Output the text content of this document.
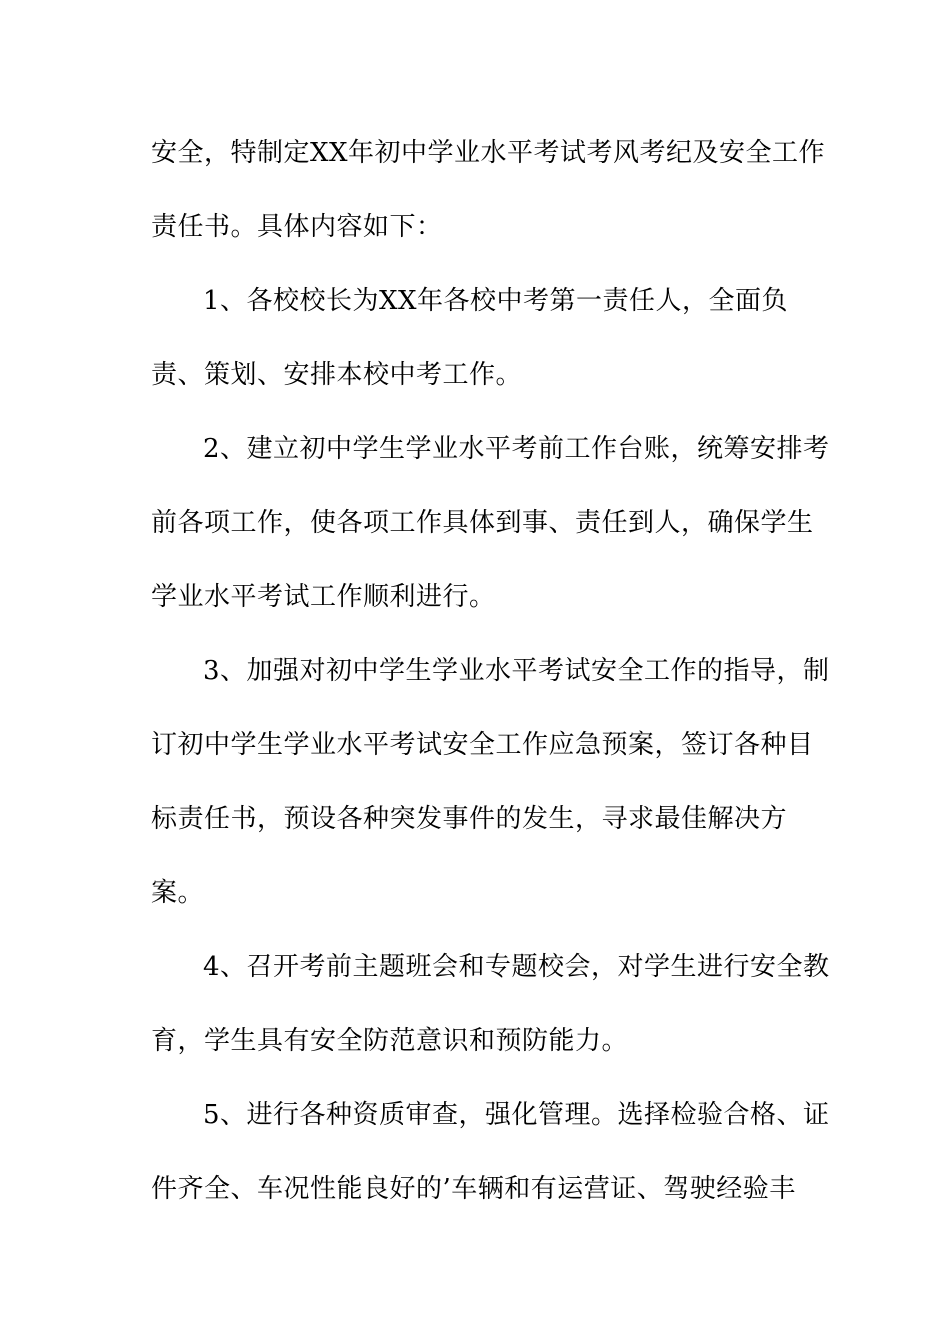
安全，特制定XX年初中学业水平考试考风考纪及安全工作
责任书。具体内容如下：
1、各校校长为XX年各校中考第一责任人，全面负
责、策划、安排本校中考工作。
2、建立初中学生学业水平考前工作台账，统筹安排考
前各项工作，使各项工作具体到事、责任到人，确保学生
学业水平考试工作顺利进行。
3、加强对初中学生学业水平考试安全工作的指导，制
订初中学生学业水平考试安全工作应急预案，签订各种目
标责任书，预设各种突发事件的发生，寻求最佳解决方
案。
4、召开考前主题班会和专题校会，对学生进行安全教
育，学生具有安全防范意识和预防能力。
5、进行各种资质审查，强化管理。选择检验合格、证
件齐全、车况性能良好的’车辆和有运营证、驾驶经验丰
